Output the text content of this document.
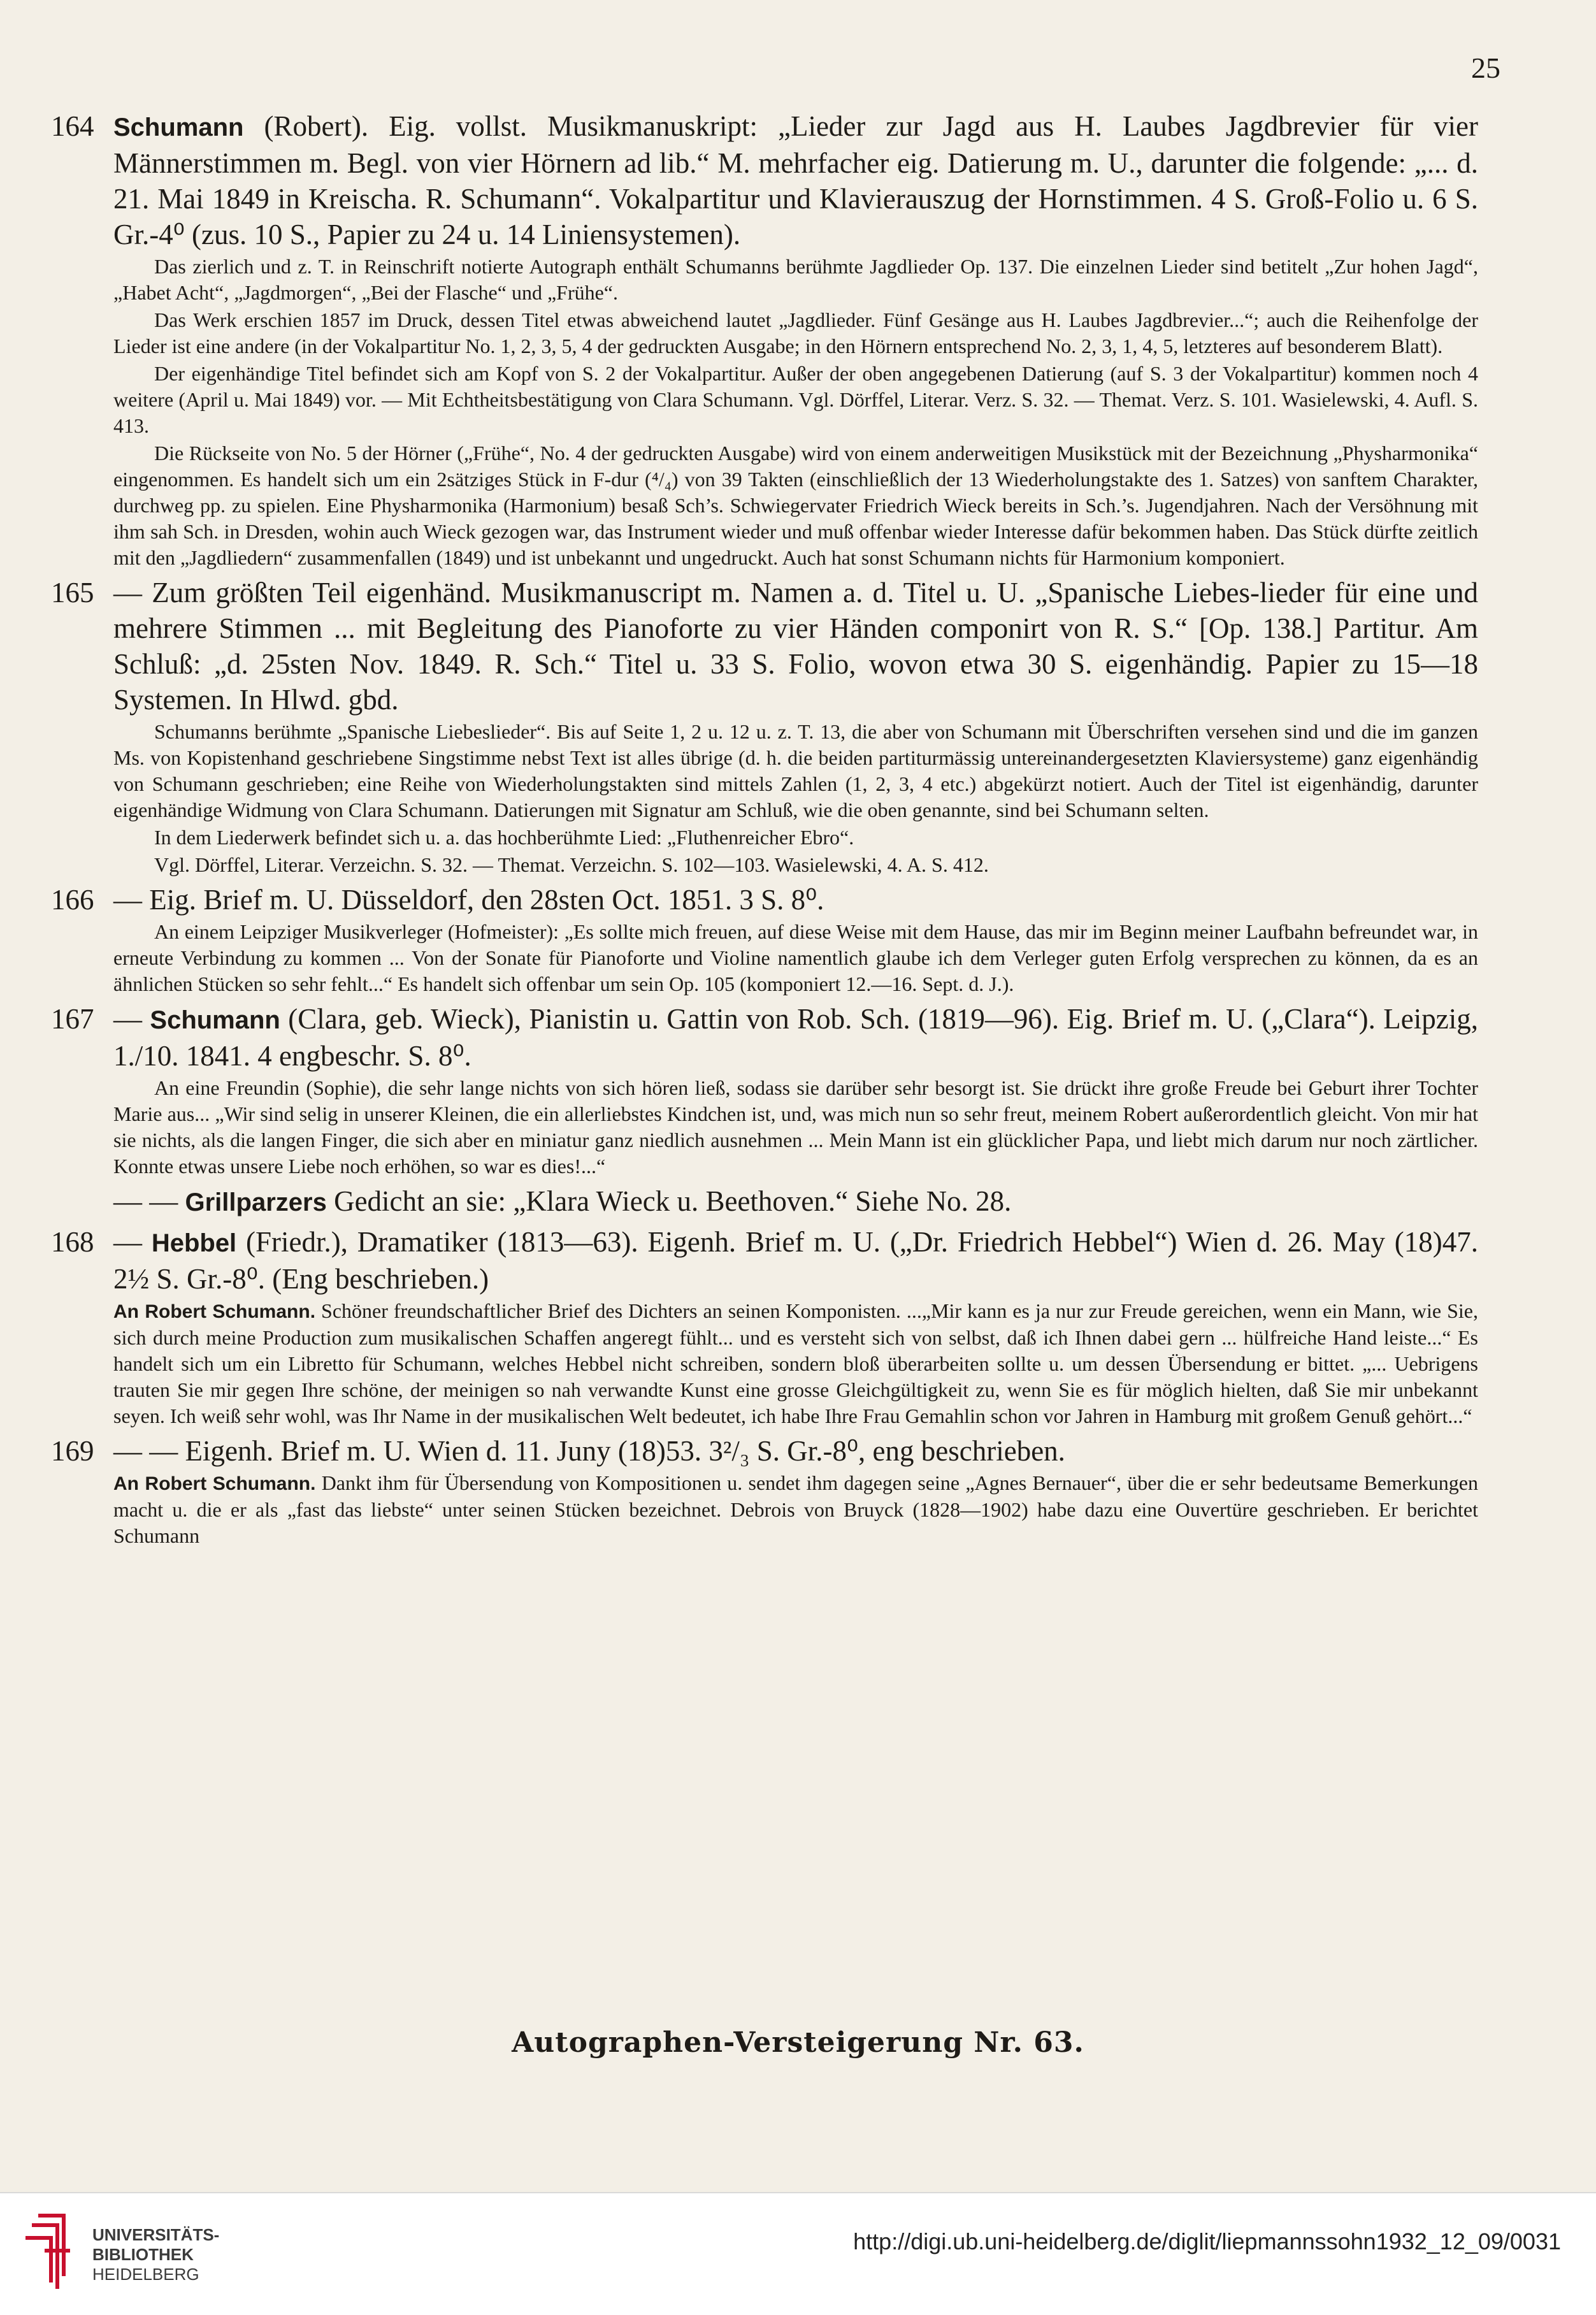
25
164 Schumann (Robert). Eig. vollst. Musikmanuskript: „Lieder zur Jagd aus H. Laubes Jagdbrevier für vier Männerstimmen m. Begl. von vier Hörnern ad lib.“ M. mehrfacher eig. Datierung m. U., darunter die folgende: „... d. 21. Mai 1849 in Kreischa. R. Schumann“. Vokalpartitur und Klavierauszug der Hornstimmen. 4 S. Groß-Folio u. 6 S. Gr.-4⁰ (zus. 10 S., Papier zu 24 u. 14 Liniensystemen).
Das zierlich und z. T. in Reinschrift notierte Autograph enthält Schumanns berühmte Jagdlieder Op. 137. Die einzelnen Lieder sind betitelt „Zur hohen Jagd“, „Habet Acht“, „Jagdmorgen“, „Bei der Flasche“ und „Frühe“.
Das Werk erschien 1857 im Druck, dessen Titel etwas abweichend lautet „Jagdlieder. Fünf Gesänge aus H. Laubes Jagdbrevier...“; auch die Reihenfolge der Lieder ist eine andere (in der Vokalpartitur No. 1, 2, 3, 5, 4 der gedruckten Ausgabe; in den Hörnern entsprechend No. 2, 3, 1, 4, 5, letzteres auf besonderem Blatt).
Der eigenhändige Titel befindet sich am Kopf von S. 2 der Vokalpartitur. Außer der oben angegebenen Datierung (auf S. 3 der Vokalpartitur) kommen noch 4 weitere (April u. Mai 1849) vor. — Mit Echtheitsbestätigung von Clara Schumann. Vgl. Dörffel, Literar. Verz. S. 32. — Themat. Verz. S. 101. Wasielewski, 4. Aufl. S. 413.
Die Rückseite von No. 5 der Hörner („Frühe“, No. 4 der gedruckten Ausgabe) wird von einem anderweitigen Musikstück mit der Bezeichnung „Physharmonika“ eingenommen. Es handelt sich um ein 2sätziges Stück in F-dur (⁴/₄) von 39 Takten (einschließlich der 13 Wiederholungstakte des 1. Satzes) von sanftem Charakter, durchweg pp. zu spielen. Eine Physharmonika (Harmonium) besaß Sch’s. Schwiegervater Friedrich Wieck bereits in Sch.’s. Jugendjahren. Nach der Versöhnung mit ihm sah Sch. in Dresden, wohin auch Wieck gezogen war, das Instrument wieder und muß offenbar wieder Interesse dafür bekommen haben. Das Stück dürfte zeitlich mit den „Jagdliedern“ zusammenfallen (1849) und ist unbekannt und ungedruckt. Auch hat sonst Schumann nichts für Harmonium komponiert.
165 — Zum größten Teil eigenhänd. Musikmanuscript m. Namen a. d. Titel u. U. „Spanische Liebes-lieder für eine und mehrere Stimmen ... mit Begleitung des Pianoforte zu vier Händen componirt von R. S.“ [Op. 138.] Partitur. Am Schluß: „d. 25sten Nov. 1849. R. Sch.“ Titel u. 33 S. Folio, wovon etwa 30 S. eigenhändig. Papier zu 15—18 Systemen. In Hlwd. gbd.
Schumanns berühmte „Spanische Liebeslieder“. Bis auf Seite 1, 2 u. 12 u. z. T. 13, die aber von Schumann mit Überschriften versehen sind und die im ganzen Ms. von Kopistenhand geschriebene Singstimme nebst Text ist alles übrige (d. h. die beiden partiturmässig untereinandergesetzten Klaviersysteme) ganz eigenhändig von Schumann geschrieben; eine Reihe von Wiederholungstakten sind mittels Zahlen (1, 2, 3, 4 etc.) abgekürzt notiert. Auch der Titel ist eigenhändig, darunter eigenhändige Widmung von Clara Schumann. Datierungen mit Signatur am Schluß, wie die oben genannte, sind bei Schumann selten.
In dem Liederwerk befindet sich u. a. das hochberühmte Lied: „Fluthenreicher Ebro“.
Vgl. Dörffel, Literar. Verzeichn. S. 32. — Themat. Verzeichn. S. 102—103. Wasielewski, 4. A. S. 412.
166 — Eig. Brief m. U. Düsseldorf, den 28sten Oct. 1851. 3 S. 8⁰.
An einem Leipziger Musikverleger (Hofmeister): „Es sollte mich freuen, auf diese Weise mit dem Hause, das mir im Beginn meiner Laufbahn befreundet war, in erneute Verbindung zu kommen ... Von der Sonate für Pianoforte und Violine namentlich glaube ich dem Verleger guten Erfolg versprechen zu können, da es an ähnlichen Stücken so sehr fehlt...“ Es handelt sich offenbar um sein Op. 105 (komponiert 12.—16. Sept. d. J.).
167 — Schumann (Clara, geb. Wieck), Pianistin u. Gattin von Rob. Sch. (1819—96). Eig. Brief m. U. („Clara“). Leipzig, 1./10. 1841. 4 engbeschr. S. 8⁰.
An eine Freundin (Sophie), die sehr lange nichts von sich hören ließ, sodass sie darüber sehr besorgt ist. Sie drückt ihre große Freude bei Geburt ihrer Tochter Marie aus... „Wir sind selig in unserer Kleinen, die ein allerliebstes Kindchen ist, und, was mich nun so sehr freut, meinem Robert außerordentlich gleicht. Von mir hat sie nichts, als die langen Finger, die sich aber en miniatur ganz niedlich ausnehmen ... Mein Mann ist ein glücklicher Papa, und liebt mich darum nur noch zärtlicher. Konnte etwas unsere Liebe noch erhöhen, so war es dies!...“
— — Grillparzers Gedicht an sie: „Klara Wieck u. Beethoven.“ Siehe No. 28.
168 — Hebbel (Friedr.), Dramatiker (1813—63). Eigenh. Brief m. U. („Dr. Friedrich Hebbel“) Wien d. 26. May (18)47. 2½ S. Gr.-8⁰. (Eng beschrieben.)
An Robert Schumann. Schöner freundschaftlicher Brief des Dichters an seinen Komponisten. ...„Mir kann es ja nur zur Freude gereichen, wenn ein Mann, wie Sie, sich durch meine Production zum musikalischen Schaffen angeregt fühlt... und es versteht sich von selbst, daß ich Ihnen dabei gern ... hülfreiche Hand leiste...“ Es handelt sich um ein Libretto für Schumann, welches Hebbel nicht schreiben, sondern bloß überarbeiten sollte u. um dessen Übersendung er bittet. „... Uebrigens trauten Sie mir gegen Ihre schöne, der meinigen so nah verwandte Kunst eine grosse Gleichgültigkeit zu, wenn Sie es für möglich hielten, daß Sie mir unbekannt seyen. Ich weiß sehr wohl, was Ihr Name in der musikalischen Welt bedeutet, ich habe Ihre Frau Gemahlin schon vor Jahren in Hamburg mit großem Genuß gehört...“
169 — — Eigenh. Brief m. U. Wien d. 11. Juny (18)53. 3²/₃ S. Gr.-8⁰, eng beschrieben.
An Robert Schumann. Dankt ihm für Übersendung von Kompositionen u. sendet ihm dagegen seine „Agnes Bernauer“, über die er sehr bedeutsame Bemerkungen macht u. die er als „fast das liebste“ unter seinen Stücken bezeichnet. Debrois von Bruyck (1828—1902) habe dazu eine Ouvertüre geschrieben. Er berichtet Schumann
Autographen-Versteigerung Nr. 63.
UNIVERSITÄTS-
BIBLIOTHEK
HEIDELBERG
http://digi.ub.uni-heidelberg.de/diglit/liepmannssohn1932_12_09/0031
